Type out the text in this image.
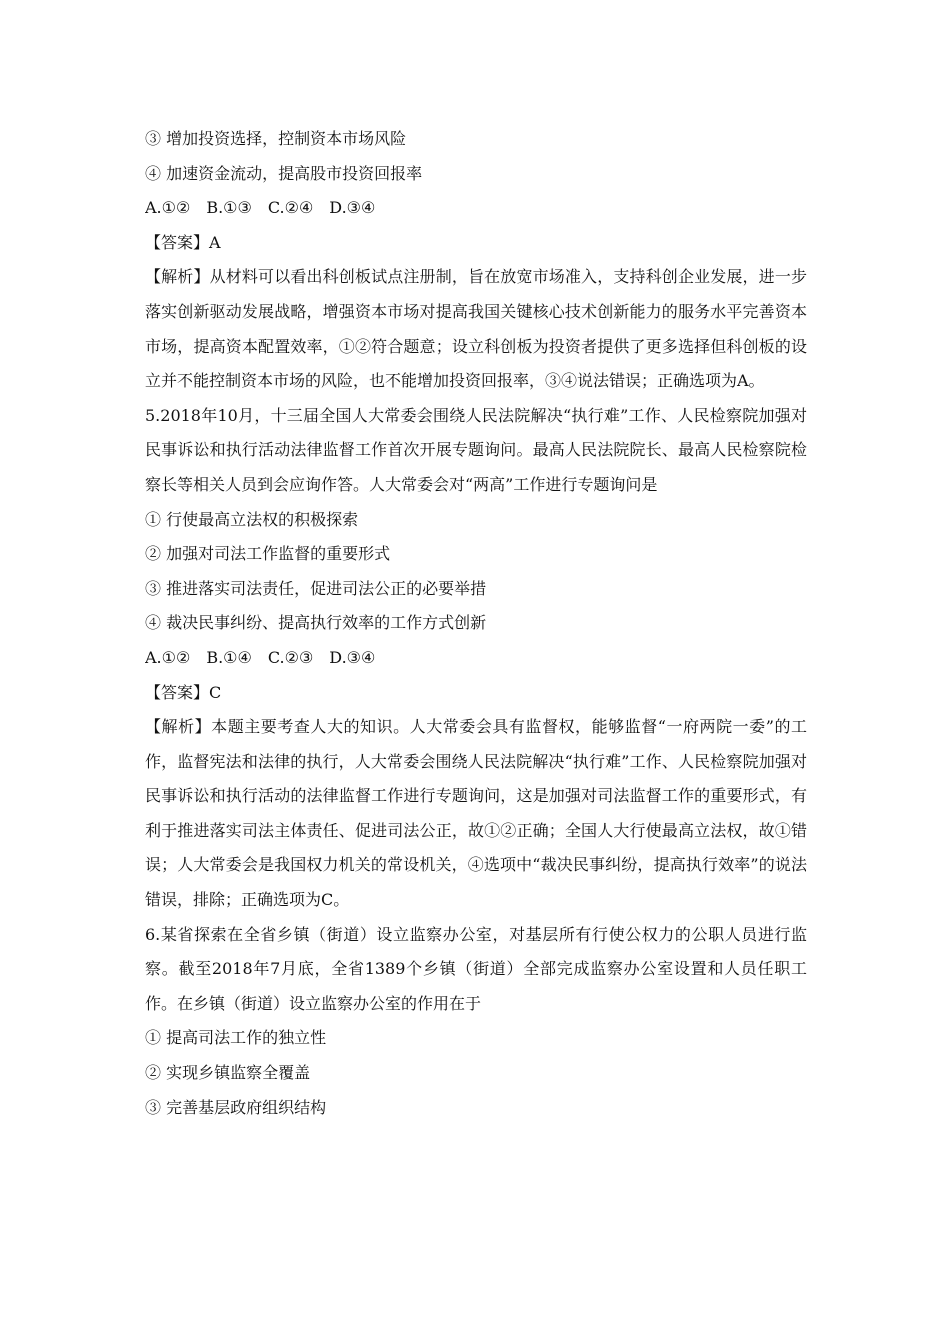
③ 增加投资选择，控制资本市场风险
④ 加速资金流动，提高股市投资回报率
A.①②　B.①③　C.②④　D.③④
【答案】A
【解析】从材料可以看出科创板试点注册制，旨在放宽市场准入，支持科创企业发展，进一步落实创新驱动发展战略，增强资本市场对提高我国关键核心技术创新能力的服务水平完善资本市场，提高资本配置效率，①②符合题意；设立科创板为投资者提供了更多选择但科创板的设立并不能控制资本市场的风险，也不能增加投资回报率，③④说法错误；正确选项为A。
5.2018年10月，十三届全国人大常委会围绕人民法院解决“执行难”工作、人民检察院加强对民事诉讼和执行活动法律监督工作首次开展专题询问。最高人民法院院长、最高人民检察院检察长等相关人员到会应询作答。人大常委会对“两高”工作进行专题询问是
① 行使最高立法权的积极探索
② 加强对司法工作监督的重要形式
③ 推进落实司法责任，促进司法公正的必要举措
④ 裁决民事纠纷、提高执行效率的工作方式创新
A.①②　B.①④　C.②③　D.③④
【答案】C
【解析】本题主要考查人大的知识。人大常委会具有监督权，能够监督“一府两院一委”的工作，监督宪法和法律的执行，人大常委会围绕人民法院解决“执行难”工作、人民检察院加强对民事诉讼和执行活动的法律监督工作进行专题询问，这是加强对司法监督工作的重要形式，有利于推进落实司法主体责任、促进司法公正，故①②正确；全国人大行使最高立法权，故①错误；人大常委会是我国权力机关的常设机关，④选项中“裁决民事纠纷，提高执行效率”的说法错误，排除；正确选项为C。
6.某省探索在全省乡镇（街道）设立监察办公室，对基层所有行使公权力的公职人员进行监察。截至2018年7月底，全省1389个乡镇（街道）全部完成监察办公室设置和人员任职工作。在乡镇（街道）设立监察办公室的作用在于
① 提高司法工作的独立性
② 实现乡镇监察全覆盖
③ 完善基层政府组织结构
